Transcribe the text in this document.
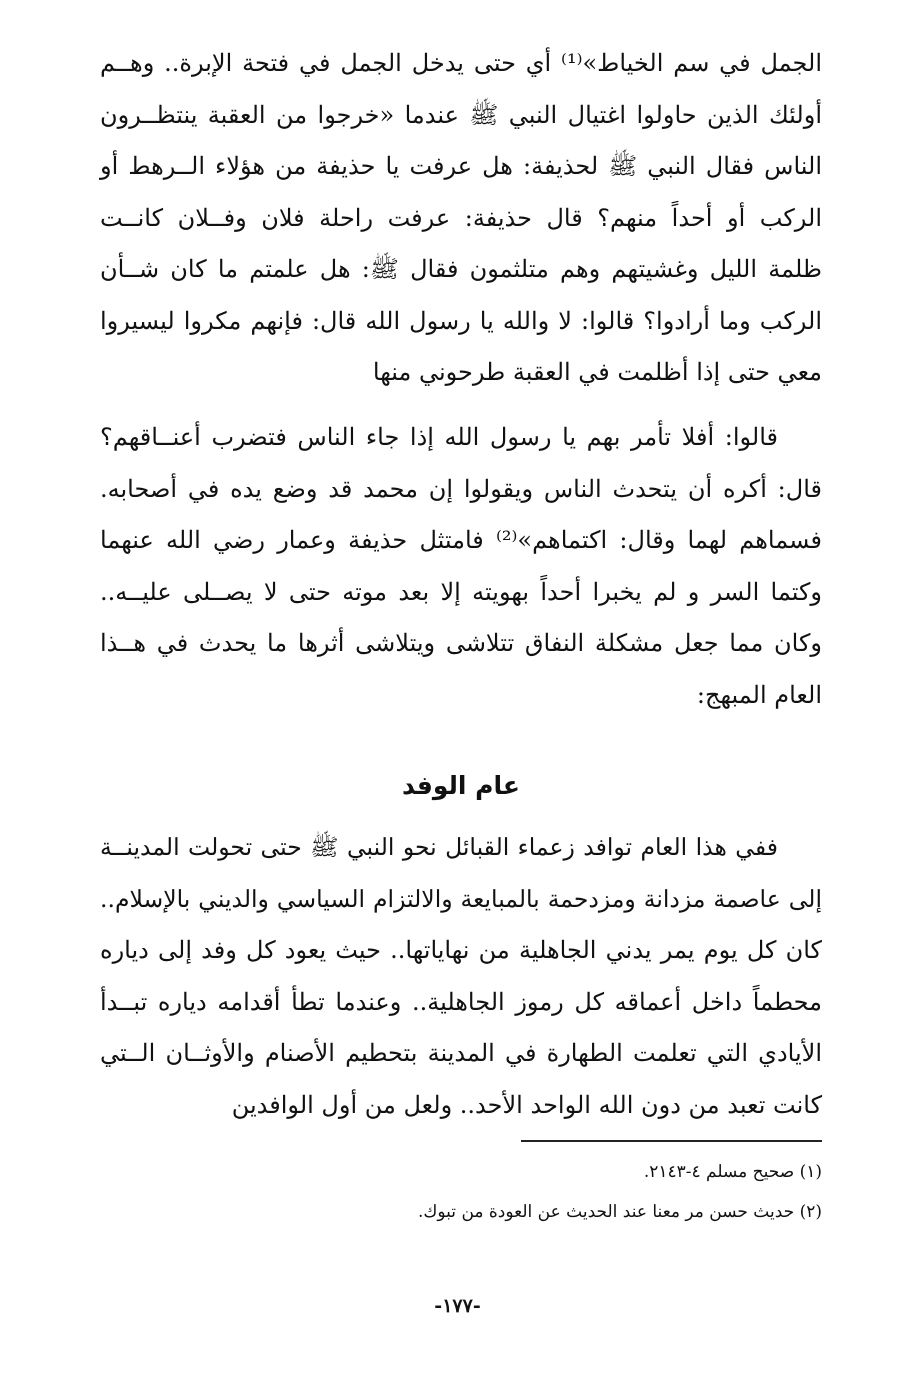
الجمل في سم الخياط»⁽¹⁾ أي حتى يدخل الجمل في فتحة الإبرة.. وهــم
أولئك الذين حاولوا اغتيال النبي ﷺ عندما «خرجوا من العقبة ينتظــرون
الناس فقال النبي ﷺ لحذيفة: هل عرفت يا حذيفة من هؤلاء الــرهط أو
الركب أو أحداً منهم؟ قال حذيفة: عرفت راحلة فلان وفــلان كانــت
ظلمة الليل وغشيتهم وهم متلثمون فقال ﷺ: هل علمتم ما كان شــأن
الركب وما أرادوا؟ قالوا: لا والله يا رسول الله قال: فإنهم مكروا ليسيروا
معي حتى إذا أظلمت في العقبة طرحوني منها
قالوا: أفلا تأمر بهم يا رسول الله إذا جاء الناس فتضرب أعنــاقهم؟
قال: أكره أن يتحدث الناس ويقولوا إن محمد قد وضع يده في أصحابه.
فسماهم لهما وقال: اكتماهم»⁽²⁾ فامتثل حذيفة وعمار رضي الله عنهما
وكتما السر و لم يخبرا أحداً بهويته إلا بعد موته حتى لا يصــلى عليــه..
وكان مما جعل مشكلة النفاق تتلاشى ويتلاشى أثرها ما يحدث في هــذا
العام المبهج:
عام الوفد
ففي هذا العام توافد زعماء القبائل نحو النبي ﷺ حتى تحولت المدينــة
إلى عاصمة مزدانة ومزدحمة بالمبايعة والالتزام السياسي والديني بالإسلام..
كان كل يوم يمر يدني الجاهلية من نهاياتها.. حيث يعود كل وفد إلى دياره
محطماً داخل أعماقه كل رموز الجاهلية.. وعندما تطأ أقدامه دياره تبــدأ
الأيادي التي تعلمت الطهارة في المدينة بتحطيم الأصنام والأوثــان الــتي
كانت تعبد من دون الله الواحد الأحد.. ولعل من أول الوافدين
(١) صحيح مسلم ٤-٢١٤٣.
(٢) حديث حسن مر معنا عند الحديث عن العودة من تبوك.
-١٧٧-
